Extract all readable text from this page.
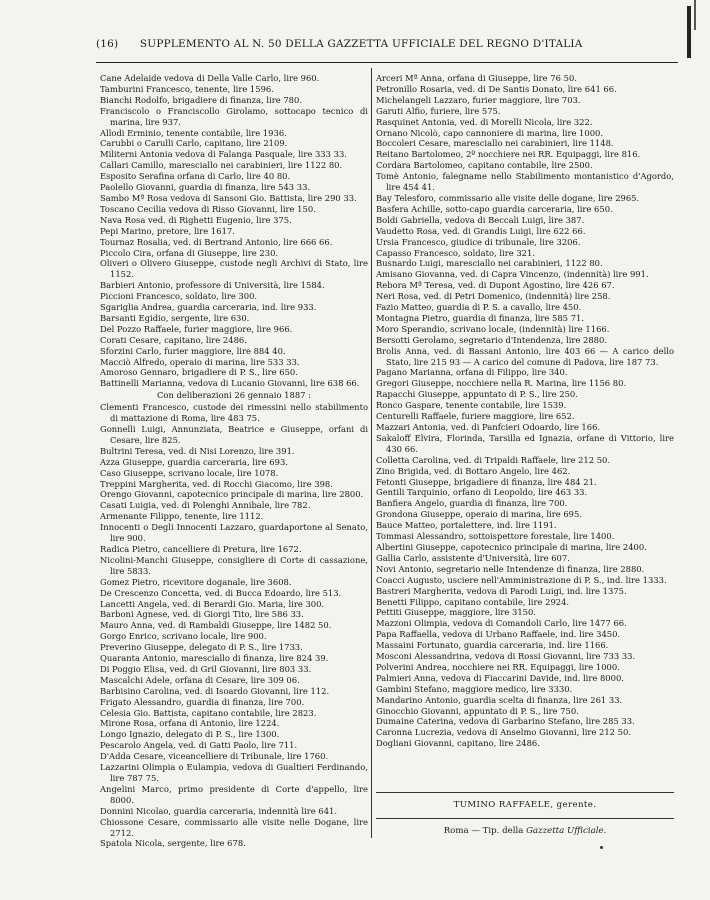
(16) SUPPLEMENTO AL N. 50 DELLA GAZZETTA UFFICIALE DEL REGNO D'ITALIA

Cane Adelaide vedova di Della Valle Carlo, lire 960.

Tamburini Francesco, tenente, lire 1596.

Bianchi Rodolfo, brigadiere di finanza, lire 780.

Franciscolo o Franciscollo Girolamo, sottocapo tecnico di marina, lire 937.

Allodi Erminio, tenente contabile, lire 1936.

Carubbi o Carulli Carlo, capitano, lire 2109.

Militerni Antonia vedova di Falanga Pasquale, lire 333 33.

Callari Camillo, maresciallo nei carabinieri, lire 1122 80.

Esposito Serafina orfana di Carlo, lire 40 80.

Paolello Giovanni, guardia di finanza, lire 543 33.

Sambo Mª Rosa vedova di Sansoni Gio. Battista, lire 290 33.

Toscano Cecilia vedova di Risso Giovanni, lire 150.

Nava Rosa ved. di Righetti Eugenio, lire 375.

Pepi Marino, pretore, lire 1617.

Tournaz Rosalia, ved. di Bertrand Antonio, lire 666 66.

Piccolo Cira, orfana di Giuseppe, lire 230.

Oliveri o Olivero Giuseppe, custode negli Archivi di Stato, lire 1152.

Barbieri Antonio, professore di Università, lire 1584.

Piccioni Francesco, soldato, lire 300.

Sgariglia Andrea, guardia carceraria, ind. lire 933.

Barsanti Egidio, sergente, lire 630.

Del Pozzo Raffaele, furier maggiore, lire 966.

Corati Cesare, capitano, lire 2486.

Sforzini Carlo, furier maggiore, lire 884 40.

Macciò Alfredo, operaio di marina, lire 533 33.

Amoroso Gennaro, brigadiere di P. S., lire 650.

Battinelli Marianna, vedova di Lucanio Giovanni, lire 638 66.

Con deliberazioni 26 gennaio 1887 :

Clementi Francesco, custode dei rimessini nello stabilimento di mattazione di Roma, lire 483 75.

Gonnelli Luigi, Annunziata, Beatrice e Giuseppe, orfani di Cesare, lire 825.

Bultrini Teresa, ved. di Nisi Lorenzo, lire 391.

Azza Giuseppe, guardia carceraria, lire 693.

Caso Giuseppe, scrivano locale, lire 1078.

Treppini Margherita, ved. di Rocchi Giacomo, lire 398.

Orengo Giovanni, capotecnico principale di marina, lire 2800.

Casati Luigia, ved. di Polenghi Annibale, lire 782.

Armenante Filippo, tenente, lire 1112.

Innocenti o Degli Innocenti Lazzaro, guardaportone al Senato, lire 900.

Radica Pietro, cancelliere di Pretura, lire 1672.

Nicolini-Manchi Giuseppe, consigliere di Corte di cassazione, lire 5833.

Gomez Pietro, ricevitore doganale, lire 3608.

De Crescenzo Concetta, ved. di Bucca Edoardo, lire 513.

Lancetti Angela, ved. di Berardi Gio. Maria, lire 300.

Barboni Agnese, ved. di Giorgi Tito, lire 586 33.

Mauro Anna, ved. di Rambaldi Giuseppe, lire 1482 50.

Gorgo Enrico, scrivano locale, lire 900.

Preverino Giuseppe, delegato di P. S., lire 1733.

Quaranta Antonio, maresciallo di finanza, lire 824 39.

Di Poggio Elisa, ved. di Gril Giovanni, lire 803 33.

Mascalchi Adele, orfana di Cesare, lire 309 06.

Barbisino Carolina, ved. di Isoardo Giovanni, lire 112.

Frigato Alessandro, guardia di finanza, lire 700.

Celesia Gio. Battista, capitano contabile, lire 2823.

Mirone Rosa, orfana di Antonio, lire 1224.

Longo Ignazio, delegato di P. S., lire 1300.

Pescarolo Angela, ved. di Gatti Paolo, lire 711.

D'Adda Cesare, viceancelliere di Tribunale, lire 1760.

Lazzarini Olimpia o Eulampia, vedova di Gualtieri Ferdinando, lire 787 75.

Angelini Marco, primo presidente di Corte d'appello, lire 8000.

Donnini Nicolao, guardia carceraria, indennità lire 641.

Chiossone Cesare, commissario alle visite nelle Dogane, lire 2712.

Spatola Nicola, sergente, lire 678.

Arceri Mª Anna, orfana di Giuseppe, lire 76 50.

Petronillo Rosaria, ved. di De Santis Donato, lire 641 66.

Michelangeli Lazzaro, furier maggiore, lire 703.

Garuti Alfio, furiere, lire 575.

Rasquinet Antonia, ved. di Morelli Nicola, lire 322.

Ornano Nicolò, capo cannoniere di marina, lire 1000.

Boccoleri Cesare, maresciallo nei carabinieri, lire 1148.

Reitano Bartolomeo, 2º nocchiere nei RR. Equipaggi, lire 816.

Cordara Bartolomeo, capitano contabile, lire 2500.

Tomè Antonio, falegname nello Stabilimento montanistico d'Agordo, lire 454 41.

Bay Telesforo, commissario alle visite delle dogane, lire 2965.

Basfera Achille, sotto-capo guardia carceraria, lire 650.

Boldi Gabriella, vedova di Beccali Luigi, lire 387.

Vaudetto Rosa, ved. di Grandis Luigi, lire 622 66.

Ursia Francesco, giudice di tribunale, lire 3206.

Capasso Francesco, soldato, lire 321.

Busnardo Luigi, maresciallo nei carabinieri, 1122 80.

Amisano Giovanna, ved. di Capra Vincenzo, (indennità) lire 991.

Rebora Mª Teresa, ved. di Dupont Agostino, lire 426 67.

Neri Rosa, ved. di Petri Domenico, (indennità) lire 258.

Fazio Matteo, guardia di P. S. a cavallo, lire 450.

Montagna Pietro, guardia di finanza, lire 585 71.

Moro Sperandio, scrivano locale, (indennità) lire 1166.

Bersotti Gerolamo, segretario d'Intendenza, lire 2880.

Brolis Anna, ved. di Bassani Antonio, lire 403 66 — A carico dello Stato, lire 215 93 — A carico del comune di Padova, lire 187 73.

Pagano Marianna, orfana di Filippo, lire 340.

Gregori Giuseppe, nocchiere nella R. Marina, lire 1156 80.

Rapacchi Giuseppe, appuntato di P. S., lire 250.

Ronco Gaspare, tenente contabile, lire 1539.

Centurelli Raffaele, furiere maggiore, lire 652.

Mazzari Antonia, ved. di Panfcieri Odoardo, lire 166.

Sakaloff Elvira, Florinda, Tarsilla ed Ignazia, orfane di Vittorio, lire 430 66.

Colletta Carolina, ved. di Tripaldi Raffaele, lire 212 50.

Zino Brigida, ved. di Bottaro Angelo, lire 462.

Fetonti Giuseppe, brigadiere di finanza, lire 484 21.

Gentili Tarquinio, orfano di Leopoldo, lire 463 33.

Banfiera Angelo, guardia di finanza, lire 700.

Grondona Giuseppe, operaio di marina, lire 695.

Bauce Matteo, portalettere, ind. lire 1191.

Tommasi Alessandro, sottoispettore forestale, lire 1400.

Albertini Giuseppe, capotecnico principale di marina, lire 2400.

Gallia Carlo, assistente d'Università, lire 607.

Novi Antonio, segretario nelle Intendenze di finanza, lire 2880.

Coacci Augusto, usciere nell'Amministrazione di P. S., ind. lire 1333.

Bastreri Margherita, vedova di Parodi Luigi, ind. lire 1375.

Benetti Filippo, capitano contabile, lire 2924.

Pettiti Giuseppe, maggiore, lire 3150.

Mazzoni Olimpia, vedova di Comandoli Carlo, lire 1477 66.

Papa Raffaella, vedova di Urbano Raffaele, ind. lire 3450.

Massaini Fortunato, guardia carceraria, ind. lire 1166.

Mosconi Alessandrina, vedova di Rossi Giovanni, lire 733 33.

Polverini Andrea, nocchiere nei RR. Equipaggi, lire 1000.

Palmieri Anna, vedova di Fiaccarini Davide, ind. lire 8000.

Gambini Stefano, maggiore medico, lire 3330.

Mandarino Antonio, guardia scelta di finanza, lire 261 33.

Ginocchio Giovanni, appuntato di P. S., lire 750.

Dumaine Caterina, vedova di Garbarino Stefano, lire 285 33.

Caronna Lucrezia, vedova di Anselmo Giovanni, lire 212 50.

Dogliani Giovanni, capitano, lire 2486.

TUMINO RAFFAELE, gerente.
Roma — Tip. della Gazzetta Ufficiale.
